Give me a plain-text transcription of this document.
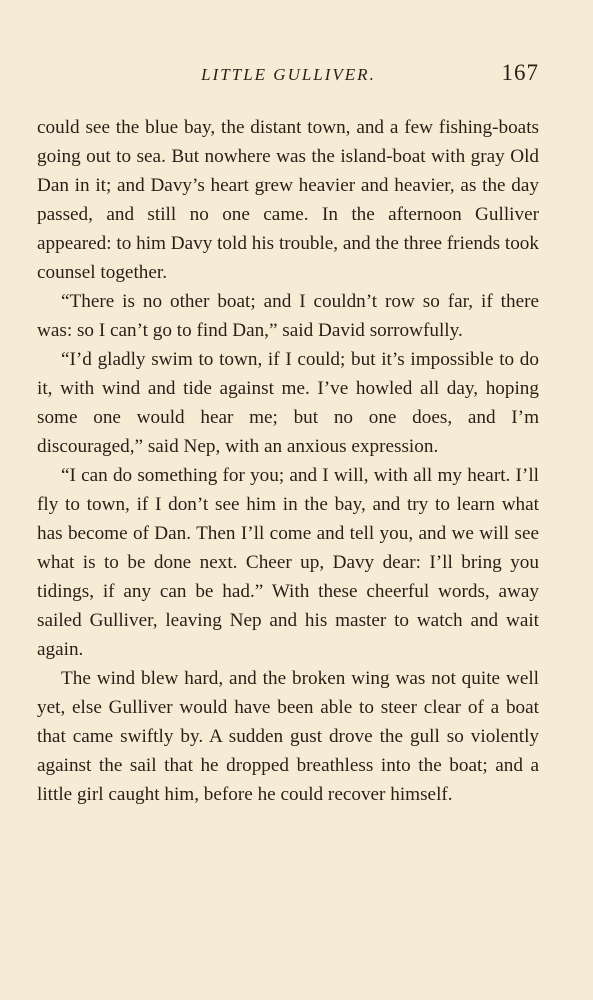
LITTLE GULLIVER.	167

could see the blue bay, the distant town, and a few fishing-boats going out to sea. But nowhere was the island-boat with gray Old Dan in it; and Davy’s heart grew heavier and heavier, as the day passed, and still no one came. In the afternoon Gulliver appeared: to him Davy told his trouble, and the three friends took counsel together.

“There is no other boat; and I couldn’t row so far, if there was: so I can’t go to find Dan,” said David sorrowfully.

“I’d gladly swim to town, if I could; but it’s impossible to do it, with wind and tide against me. I’ve howled all day, hoping some one would hear me; but no one does, and I’m discouraged,” said Nep, with an anxious expression.

“I can do something for you; and I will, with all my heart. I’ll fly to town, if I don’t see him in the bay, and try to learn what has become of Dan. Then I’ll come and tell you, and we will see what is to be done next. Cheer up, Davy dear: I’ll bring you tidings, if any can be had.” With these cheerful words, away sailed Gulliver, leaving Nep and his master to watch and wait again.

The wind blew hard, and the broken wing was not quite well yet, else Gulliver would have been able to steer clear of a boat that came swiftly by. A sudden gust drove the gull so violently against the sail that he dropped breathless into the boat; and a little girl caught him, before he could recover himself.
